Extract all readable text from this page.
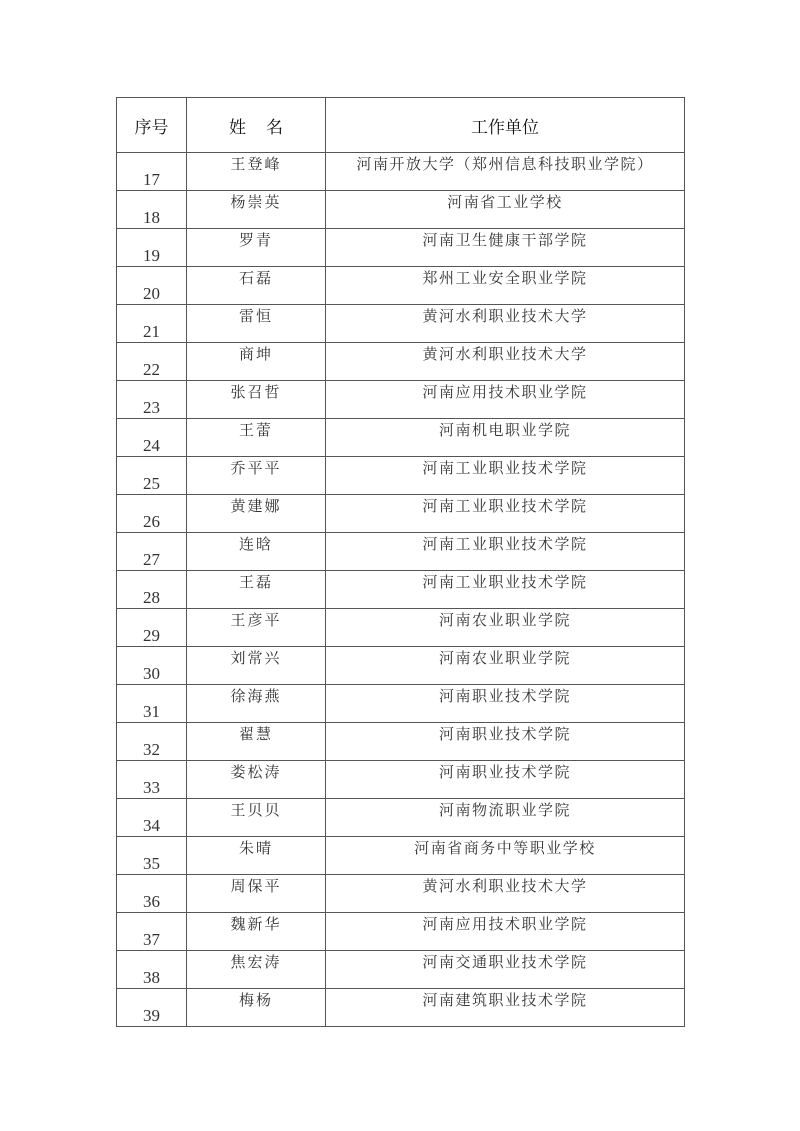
序号	姓 名	工作单位
17	王登峰	河南开放大学（郑州信息科技职业学院）
18	杨崇英	河南省工业学校
19	罗青	河南卫生健康干部学院
20	石磊	郑州工业安全职业学院
21	雷恒	黄河水利职业技术大学
22	商坤	黄河水利职业技术大学
23	张召哲	河南应用技术职业学院
24	王蕾	河南机电职业学院
25	乔平平	河南工业职业技术学院
26	黄建娜	河南工业职业技术学院
27	连晗	河南工业职业技术学院
28	王磊	河南工业职业技术学院
29	王彦平	河南农业职业学院
30	刘常兴	河南农业职业学院
31	徐海燕	河南职业技术学院
32	翟慧	河南职业技术学院
33	娄松涛	河南职业技术学院
34	王贝贝	河南物流职业学院
35	朱晴	河南省商务中等职业学校
36	周保平	黄河水利职业技术大学
37	魏新华	河南应用技术职业学院
38	焦宏涛	河南交通职业技术学院
39	梅杨	河南建筑职业技术学院
